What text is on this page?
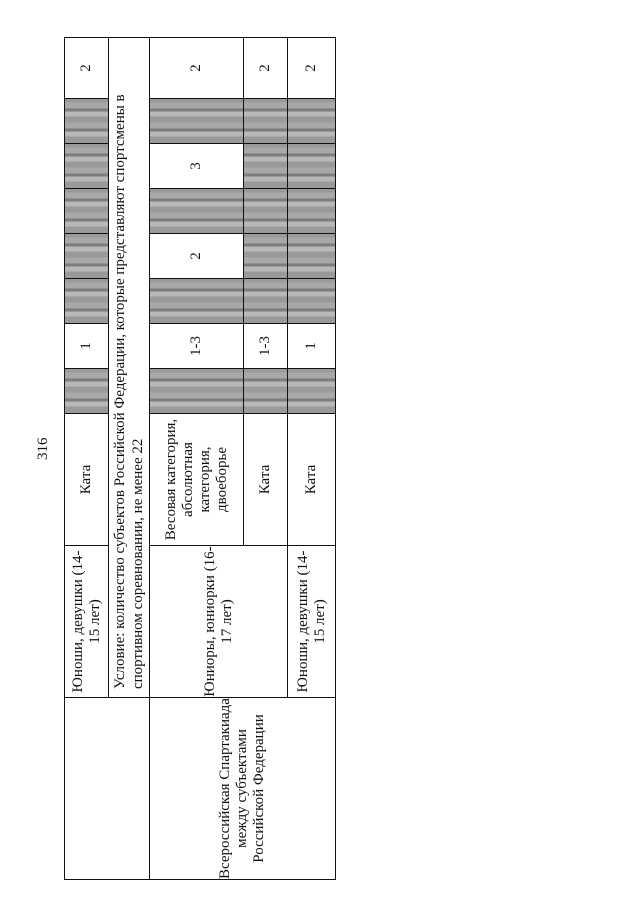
316
	Юноши, девушки (14-15 лет)	Ката		1						2
	Условие: количество субъектов Российской Федерации, которые представляют спортсмены в спортивном соревновании, не менее 22									
Всероссийская Спартакиада между субъектами Российской Федерации	Юниоры, юниорки (16-17 лет)	Весовая категория, абсолютная категория, двоеборье		1-3		2		3		2
		Ката		1-3						2
	Юноши, девушки (14-15 лет)	Ката		1						2
